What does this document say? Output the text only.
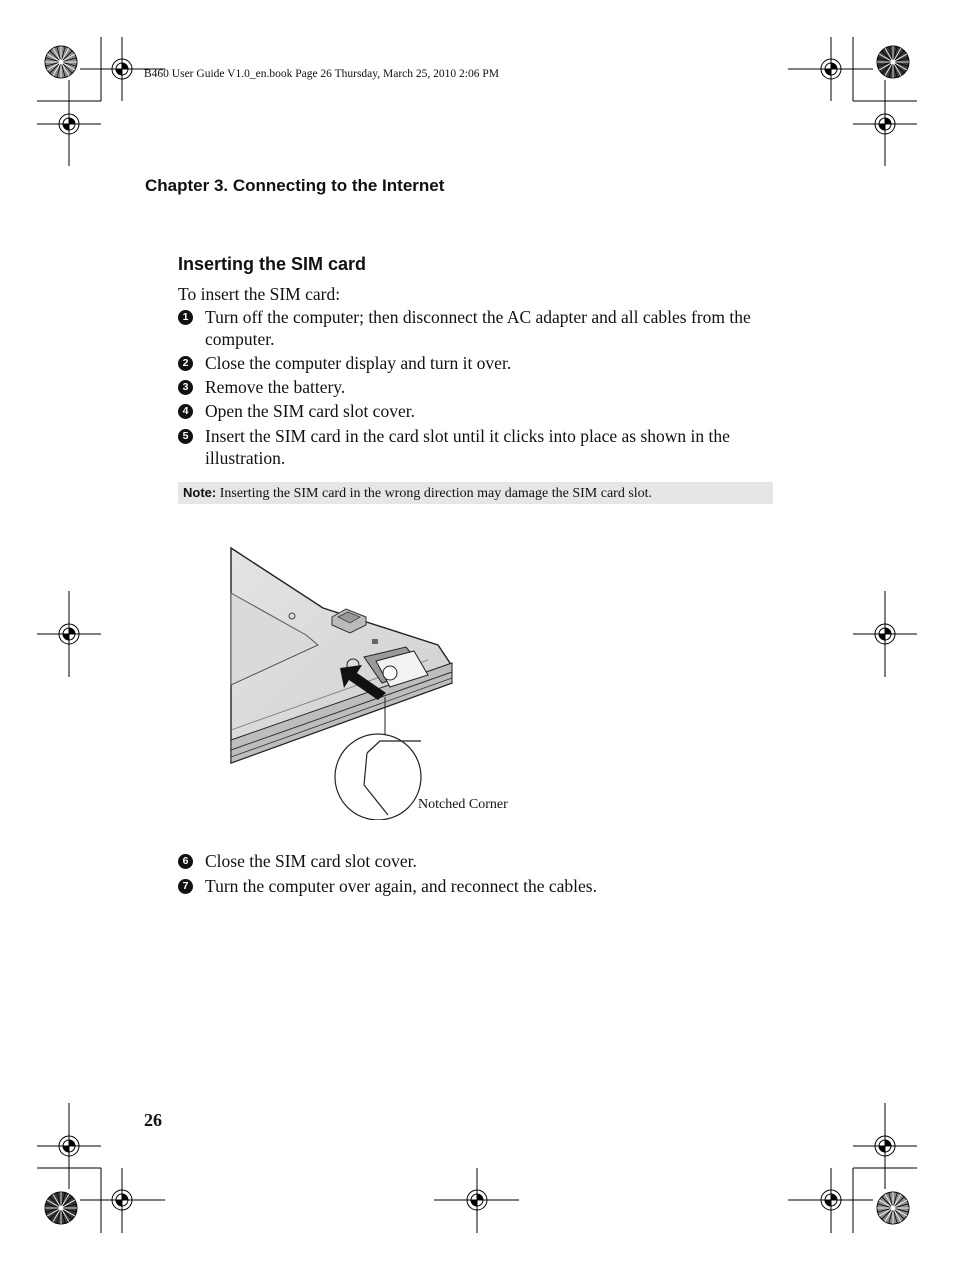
B460 User Guide V1.0_en.book Page 26 Thursday, March 25, 2010 2:06 PM
Chapter 3. Connecting to the Internet
Inserting the SIM card
To insert the SIM card:
1 Turn off the computer; then disconnect the AC adapter and all cables from the computer.
2 Close the computer display and turn it over.
3 Remove the battery.
4 Open the SIM card slot cover.
5 Insert the SIM card in the card slot until it clicks into place as shown in the illustration.
Note: Inserting the SIM card in the wrong direction may damage the SIM card slot.
Notched Corner
6 Close the SIM card slot cover.
7 Turn the computer over again, and reconnect the cables.
26
